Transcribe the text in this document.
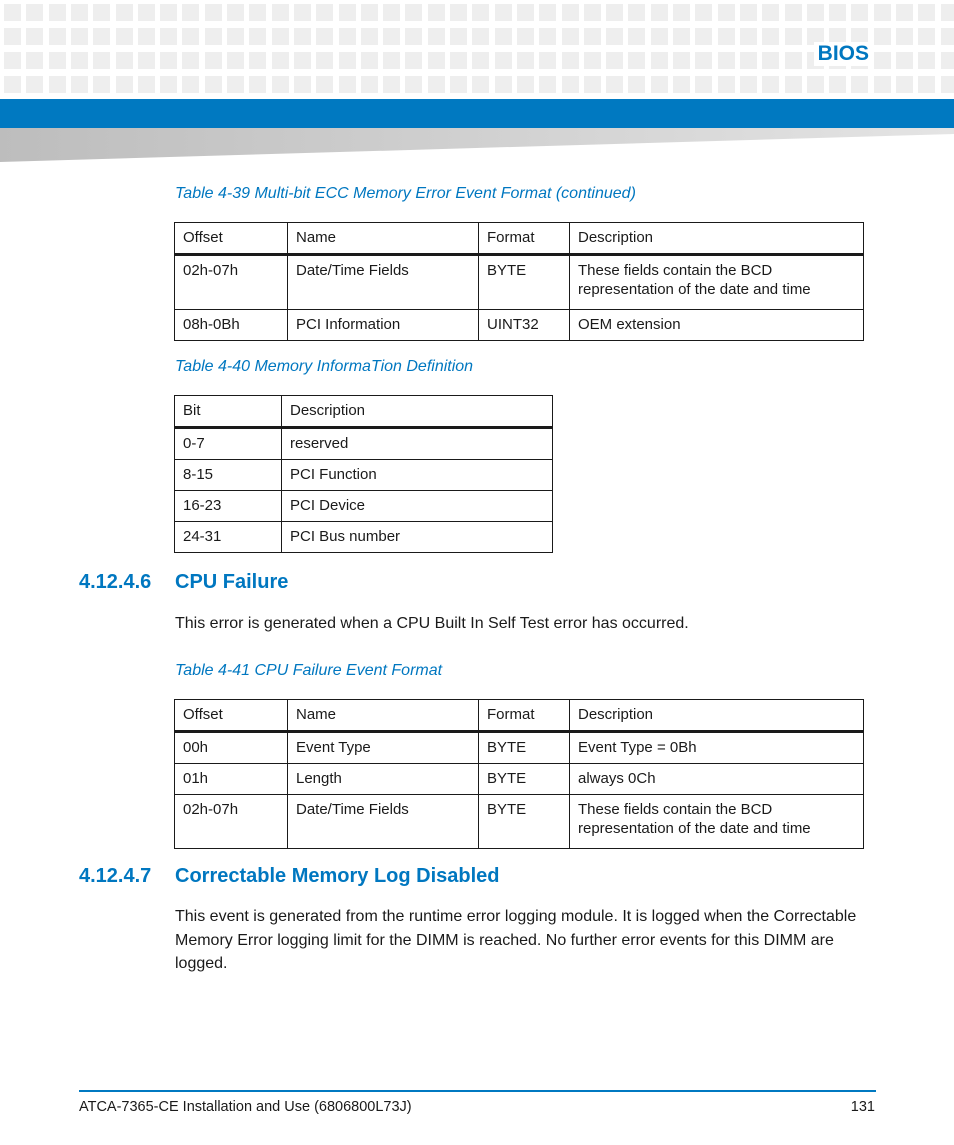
BIOS
Table 4-39 Multi-bit ECC Memory Error Event Format (continued)
Offset	Name	Format	Description
02h-07h	Date/Time Fields	BYTE	These fields contain the BCD representation of the date and time
08h-0Bh	PCI Information	UINT32	OEM extension
Table 4-40 Memory InformaTion Definition
Bit	Description
0-7	reserved
8-15	PCI Function
16-23	PCI Device
24-31	PCI Bus number
4.12.4.6 CPU Failure
This error is generated when a CPU Built In Self Test error has occurred.
Table 4-41 CPU Failure Event Format
Offset	Name	Format	Description
00h	Event Type	BYTE	Event Type = 0Bh
01h	Length	BYTE	always 0Ch
02h-07h	Date/Time Fields	BYTE	These fields contain the BCD representation of the date and time
4.12.4.7 Correctable Memory Log Disabled
This event is generated from the runtime error logging module. It is logged when the Correctable Memory Error logging limit for the DIMM is reached. No further error events for this DIMM are logged.
ATCA-7365-CE Installation and Use (6806800L73J)	131
